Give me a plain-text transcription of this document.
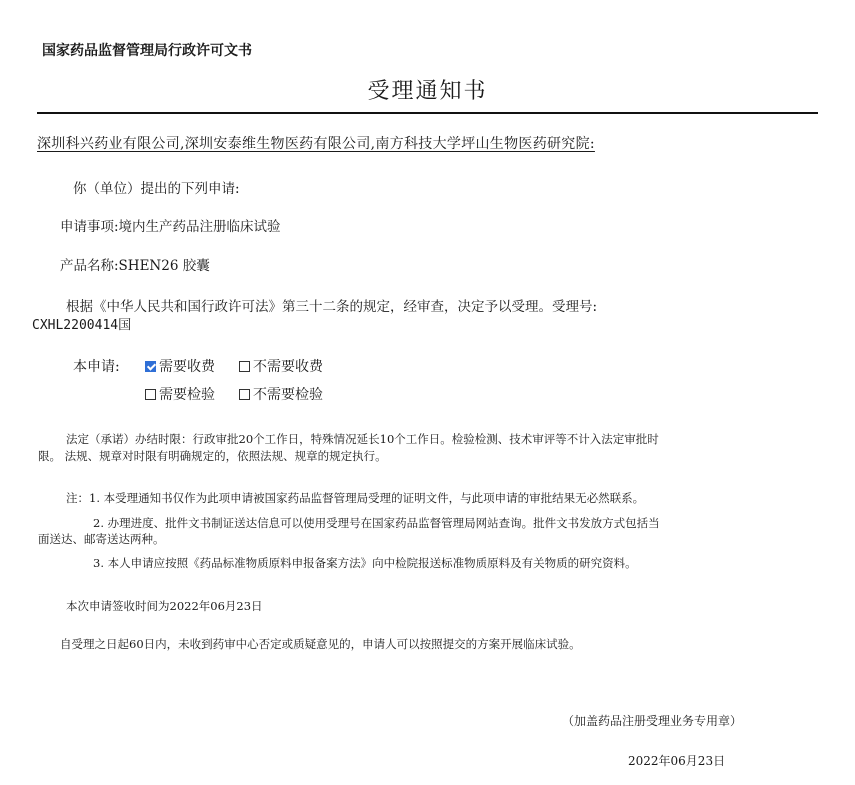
国家药品监督管理局行政许可文书
受理通知书
深圳科兴药业有限公司,深圳安泰维生物医药有限公司,南方科技大学坪山生物医药研究院:
你（单位）提出的下列申请:
申请事项:境内生产药品注册临床试验
产品名称:SHEN26 胶囊
根据《中华人民共和国行政许可法》第三十二条的规定，经审查，决定予以受理。受理号:
CXHL2200414国
本申请:	需要收费	不需要收费
需要检验	不需要检验
法定（承诺）办结时限：行政审批20个工作日，特殊情况延长10个工作日。检验检测、技术审评等不计入法定审批时
限。 法规、规章对时限有明确规定的，依照法规、规章的规定执行。
注：1. 本受理通知书仅作为此项申请被国家药品监督管理局受理的证明文件，与此项申请的审批结果无必然联系。
2. 办理进度、批件文书制证送达信息可以使用受理号在国家药品监督管理局网站查询。批件文书发放方式包括当
面送达、邮寄送达两种。
3. 本人申请应按照《药品标准物质原料申报备案方法》向中检院报送标准物质原料及有关物质的研究资料。
本次申请签收时间为2022年06月23日
自受理之日起60日内，未收到药审中心否定或质疑意见的，申请人可以按照提交的方案开展临床试验。
（加盖药品注册受理业务专用章）
2022年06月23日
